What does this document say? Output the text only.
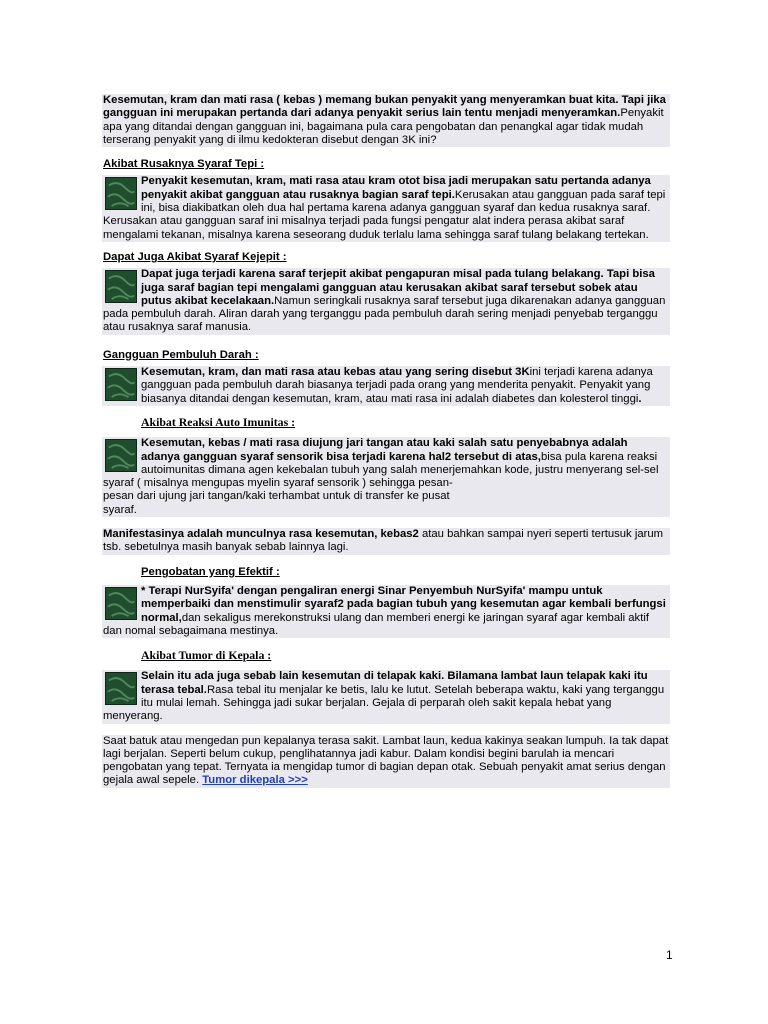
Kesemutan, kram dan mati rasa ( kebas ) memang bukan penyakit yang menyeramkan buat kita. Tapi jika gangguan ini merupakan pertanda dari adanya penyakit serius lain tentu menjadi menyeramkan.Penyakit apa yang ditandai dengan gangguan ini, bagaimana pula cara pengobatan dan penangkal agar tidak mudah terserang penyakit yang di ilmu kedokteran disebut dengan 3K ini?

Akibat Rusaknya Syaraf Tepi :

Penyakit kesemutan, kram, mati rasa atau kram otot bisa jadi merupakan satu pertanda adanya penyakit akibat gangguan atau rusaknya bagian saraf tepi.Kerusakan atau gangguan pada saraf tepi ini, bisa diakibatkan oleh dua hal pertama karena adanya gangguan syaraf dan kedua rusaknya saraf. Kerusakan atau gangguan saraf ini misalnya terjadi pada fungsi pengatur alat indera perasa akibat saraf mengalami tekanan, misalnya karena seseorang duduk terlalu lama sehingga saraf tulang belakang tertekan.

Dapat Juga Akibat Syaraf Kejepit :

Dapat juga terjadi karena saraf terjepit akibat pengapuran misal pada tulang belakang. Tapi bisa juga saraf bagian tepi mengalami gangguan atau kerusakan akibat saraf tersebut sobek atau putus akibat kecelakaan.Namun seringkali rusaknya saraf tersebut juga dikarenakan adanya gangguan pada pembuluh darah. Aliran darah yang terganggu pada pembuluh darah sering menjadi penyebab terganggu atau rusaknya saraf manusia.

Gangguan Pembuluh Darah :

Kesemutan, kram, dan mati rasa atau kebas atau yang sering disebut 3Kini terjadi karena adanya gangguan pada pembuluh darah biasanya terjadi pada orang yang menderita penyakit. Penyakit yang biasanya ditandai dengan kesemutan, kram, atau mati rasa ini adalah diabetes dan kolesterol tinggi.

Akibat Reaksi Auto Imunitas :

Kesemutan, kebas / mati rasa diujung jari tangan atau kaki salah satu penyebabnya adalah adanya gangguan syaraf sensorik bisa terjadi karena hal2 tersebut di atas,bisa pula karena reaksi autoimunitas dimana agen kekebalan tubuh yang salah menerjemahkan kode, justru menyerang sel-sel syaraf ( misalnya mengupas myelin syaraf sensorik ) sehingga pesan-
pesan dari ujung jari tangan/kaki terhambat untuk di transfer ke pusat
syaraf.

Manifestasinya adalah munculnya rasa kesemutan, kebas2 atau bahkan sampai nyeri seperti tertusuk jarum tsb. sebetulnya masih banyak sebab lainnya lagi.

Pengobatan yang Efektif :

* Terapi NurSyifa' dengan pengaliran energi Sinar Penyembuh NurSyifa' mampu untuk memperbaiki dan menstimulir syaraf2 pada bagian tubuh yang kesemutan agar kembali berfungsi normal,dan sekaligus merekonstruksi ulang dan memberi energi ke jaringan syaraf agar kembali aktif dan nomal sebagaimana mestinya.

Akibat Tumor di Kepala :

Selain itu ada juga sebab lain kesemutan di telapak kaki. Bilamana lambat laun telapak kaki itu terasa tebal.Rasa tebal itu menjalar ke betis, lalu ke lutut. Setelah beberapa waktu, kaki yang terganggu itu mulai lemah. Sehingga jadi sukar berjalan. Gejala di perparah oleh sakit kepala hebat yang menyerang.

Saat batuk atau mengedan pun kepalanya terasa sakit. Lambat laun, kedua kakinya seakan lumpuh. Ia tak dapat lagi berjalan. Seperti belum cukup, penglihatannya jadi kabur. Dalam kondisi begini barulah ia mencari pengobatan yang tepat. Ternyata ia mengidap tumor di bagian depan otak. Sebuah penyakit amat serius dengan gejala awal sepele. Tumor dikepala >>>

1
